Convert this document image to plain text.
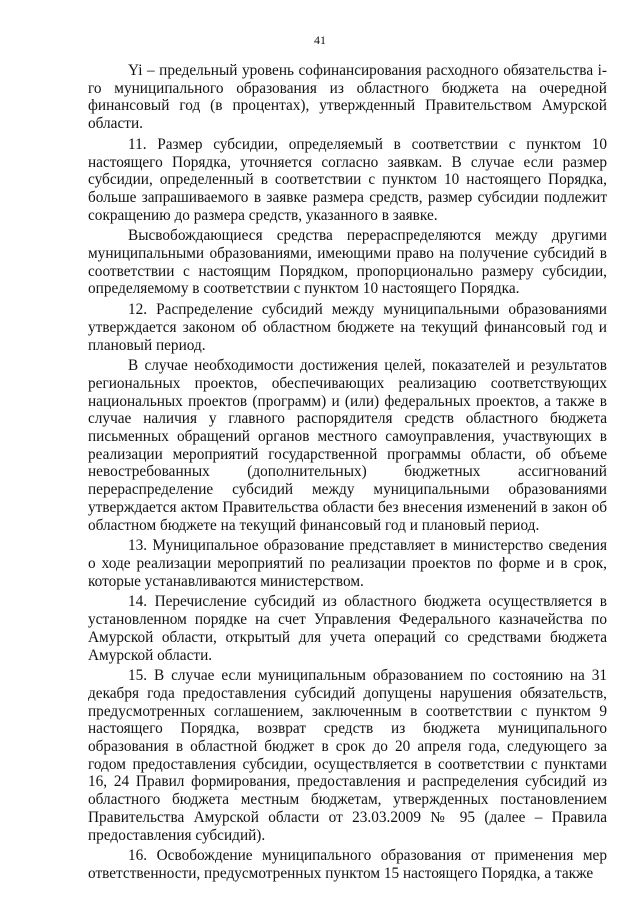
41

Yi – предельный уровень софинансирования расходного обязательства i-го муниципального образования из областного бюджета на очередной финансовый год (в процентах), утвержденный Правительством Амурской области.

11. Размер субсидии, определяемый в соответствии с пунктом 10 настоящего Порядка, уточняется согласно заявкам. В случае если размер субсидии, определенный в соответствии с пунктом 10 настоящего Порядка, больше запрашиваемого в заявке размера средств, размер субсидии подлежит сокращению до размера средств, указанного в заявке.

Высвобождающиеся средства перераспределяются между другими муниципальными образованиями, имеющими право на получение субсидий в соответствии с настоящим Порядком, пропорционально размеру субсидии, определяемому в соответствии с пунктом 10 настоящего Порядка.

12. Распределение субсидий между муниципальными образованиями утверждается законом об областном бюджете на текущий финансовый год и плановый период.

В случае необходимости достижения целей, показателей и результатов региональных проектов, обеспечивающих реализацию соответствующих национальных проектов (программ) и (или) федеральных проектов, а также в случае наличия у главного распорядителя средств областного бюджета письменных обращений органов местного самоуправления, участвующих в реализации мероприятий государственной программы области, об объеме невостребованных (дополнительных) бюджетных ассигнований перераспределение субсидий между муниципальными образованиями утверждается актом Правительства области без внесения изменений в закон об областном бюджете на текущий финансовый год и плановый период.

13. Муниципальное образование представляет в министерство сведения о ходе реализации мероприятий по реализации проектов по форме и в срок, которые устанавливаются министерством.

14. Перечисление субсидий из областного бюджета осуществляется в установленном порядке на счет Управления Федерального казначейства по Амурской области, открытый для учета операций со средствами бюджета Амурской области.

15. В случае если муниципальным образованием по состоянию на 31 декабря года предоставления субсидий допущены нарушения обязательств, предусмотренных соглашением, заключенным в соответствии с пунктом 9 настоящего Порядка, возврат средств из бюджета муниципального образования в областной бюджет в срок до 20 апреля года, следующего за годом предоставления субсидии, осуществляется в соответствии с пунктами 16, 24 Правил формирования, предоставления и распределения субсидий из областного бюджета местным бюджетам, утвержденных постановлением Правительства Амурской области от 23.03.2009 № 95 (далее – Правила предоставления субсидий).

16. Освобождение муниципального образования от применения мер ответственности, предусмотренных пунктом 15 настоящего Порядка, а также
